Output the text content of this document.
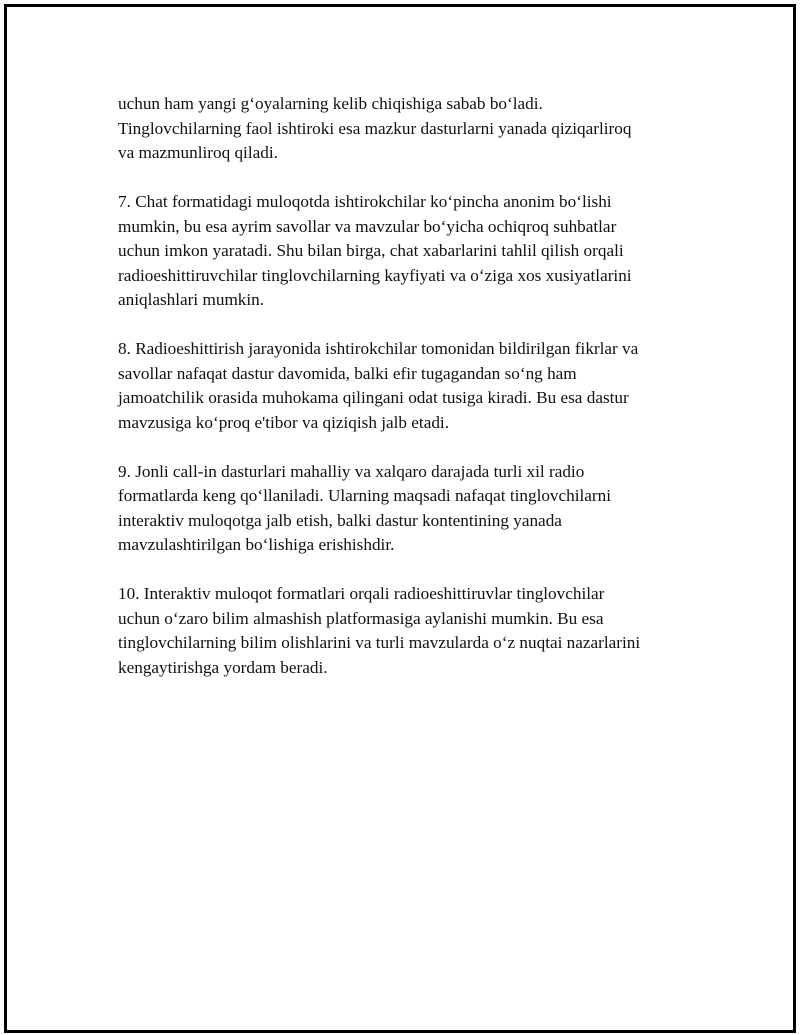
uchun ham yangi g‘oyalarning kelib chiqishiga sabab bo‘ladi.
Tinglovchilarning faol ishtiroki esa mazkur dasturlarni yanada qiziqarliroq
va mazmunliroq qiladi.

7. Chat formatidagi muloqotda ishtirokchilar ko‘pincha anonim bo‘lishi
mumkin, bu esa ayrim savollar va mavzular bo‘yicha ochiqroq suhbatlar
uchun imkon yaratadi. Shu bilan birga, chat xabarlarini tahlil qilish orqali
radioeshittiruvchilar tinglovchilarning kayfiyati va o‘ziga xos xusiyatlarini
aniqlashlari mumkin.

8. Radioeshittirish jarayonida ishtirokchilar tomonidan bildirilgan fikrlar va
savollar nafaqat dastur davomida, balki efir tugagandan so‘ng ham
jamoatchilik orasida muhokama qilingani odat tusiga kiradi. Bu esa dastur
mavzusiga ko‘proq e'tibor va qiziqish jalb etadi.

9. Jonli call-in dasturlari mahalliy va xalqaro darajada turli xil radio
formatlarda keng qo‘llaniladi. Ularning maqsadi nafaqat tinglovchilarni
interaktiv muloqotga jalb etish, balki dastur kontentining yanada
mavzulashtirilgan bo‘lishiga erishishdir.

10. Interaktiv muloqot formatlari orqali radioeshittiruvlar tinglovchilar
uchun o‘zaro bilim almashish platformasiga aylanishi mumkin. Bu esa
tinglovchilarning bilim olishlarini va turli mavzularda o‘z nuqtai nazarlarini
kengaytirishga yordam beradi.
